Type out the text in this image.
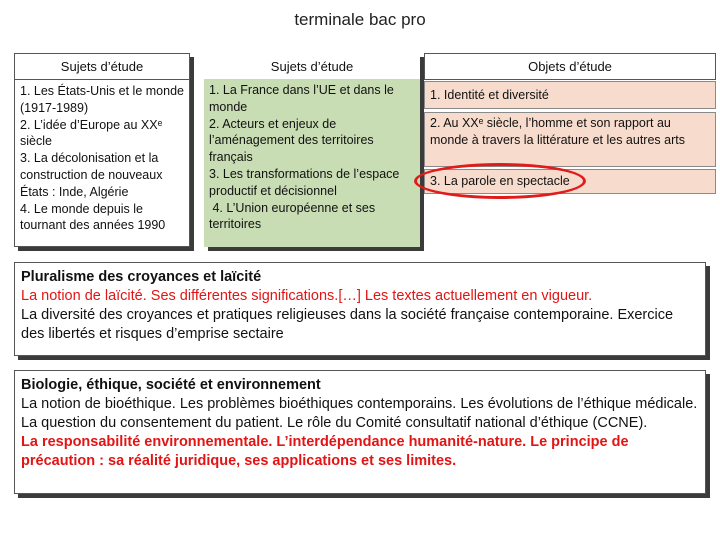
terminale bac pro
Sujets d’étude
1. Les États-Unis et le monde (1917-1989)
2. L’idée d’Europe au XXᵉ siècle
3. La décolonisation et la construction de nouveaux États : Inde, Algérie
4. Le monde depuis le tournant des années 1990
Sujets d’étude
1. La France dans l’UE et dans le monde
2. Acteurs et enjeux de l’aménagement des territoires français
3. Les transformations de l’espace productif et décisionnel
4. L’Union européenne et ses territoires
Objets d’étude
1. Identité et diversité
2. Au XXᵉ siècle, l’homme et son rapport au monde à travers la littérature et les autres arts
3. La parole en spectacle
Pluralisme des croyances et laïcité
La notion de laïcité. Ses différentes significations.[…] Les textes actuellement en vigueur.
La diversité des croyances et pratiques religieuses dans la société française contemporaine. Exercice des libertés et risques d’emprise sectaire
Biologie, éthique, société et environnement
La notion de bioéthique. Les problèmes bioéthiques contemporains. Les évolutions de l’éthique médicale. La question du consentement du patient. Le rôle du Comité consultatif national d’éthique (CCNE).
La responsabilité environnementale. L’interdépendance humanité-nature. Le principe de précaution : sa réalité juridique, ses applications et ses limites.
